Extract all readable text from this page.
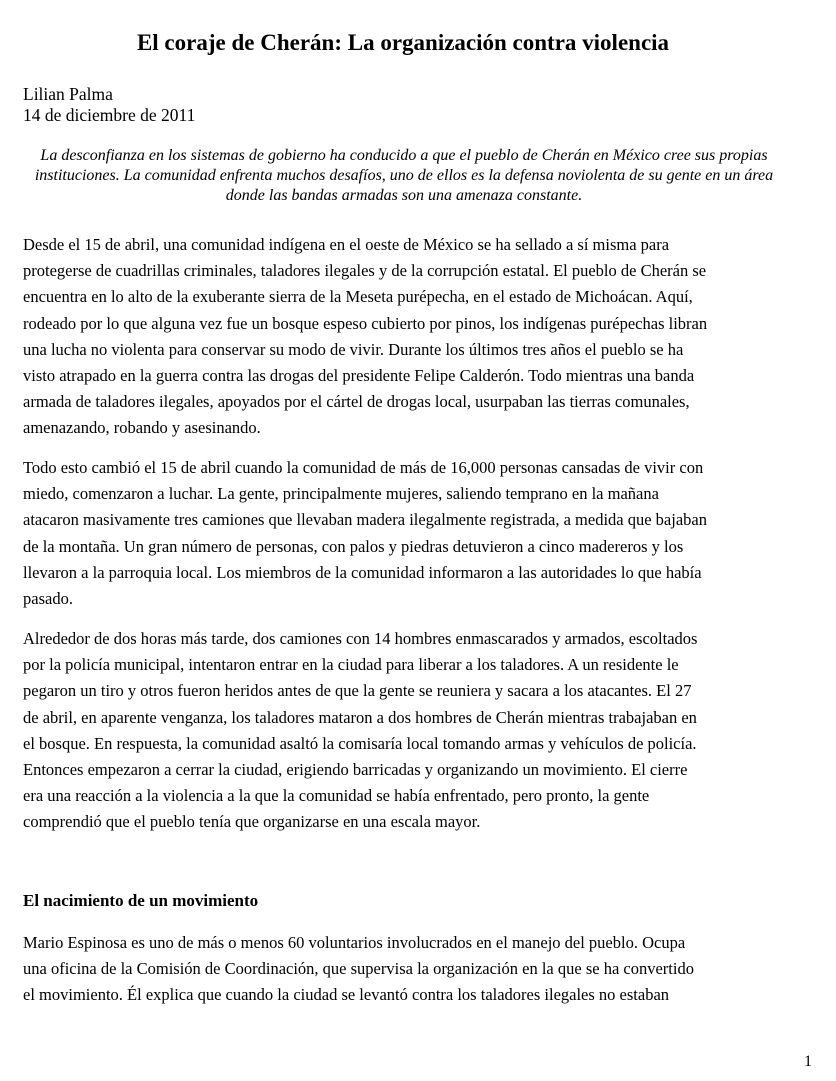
El coraje de Cherán: La organización contra violencia

Lilian Palma

14 de diciembre de 2011

La desconfianza en los sistemas de gobierno ha conducido a que el pueblo de Cherán en México cree sus propias instituciones. La comunidad enfrenta muchos desafíos, uno de ellos es la defensa noviolenta de su gente en un área donde las bandas armadas son una amenaza constante.

Desde el 15 de abril, una comunidad indígena en el oeste de México se ha sellado a sí misma para
protegerse de cuadrillas criminales, taladores ilegales y de la corrupción estatal. El pueblo de Cherán se
encuentra en lo alto de la exuberante sierra de la Meseta purépecha, en el estado de Michoácan. Aquí,
rodeado por lo que alguna vez fue un bosque espeso cubierto por pinos, los indígenas purépechas libran
una lucha no violenta para conservar su modo de vivir. Durante los últimos tres años el pueblo se ha
visto atrapado en la guerra contra las drogas del presidente Felipe Calderón. Todo mientras una banda
armada de taladores ilegales, apoyados por el cártel de drogas local, usurpaban las tierras comunales,
amenazando, robando y asesinando.

Todo esto cambió el 15 de abril cuando la comunidad de más de 16,000 personas cansadas de vivir con
miedo, comenzaron a luchar. La gente, principalmente mujeres, saliendo temprano en la mañana
atacaron masivamente tres camiones que llevaban madera ilegalmente registrada, a medida que bajaban
de la montaña. Un gran número de personas, con palos y piedras detuvieron a cinco madereros y los
llevaron a la parroquia local. Los miembros de la comunidad informaron a las autoridades lo que había
pasado.

Alrededor de dos horas más tarde, dos camiones con 14 hombres enmascarados y armados, escoltados
por la policía municipal, intentaron entrar en la ciudad para liberar a los taladores. A un residente le
pegaron un tiro y otros fueron heridos antes de que la gente se reuniera y sacara a los atacantes. El 27
de abril, en aparente venganza, los taladores mataron a dos hombres de Cherán mientras trabajaban en
el bosque. En respuesta, la comunidad asaltó la comisaría local tomando armas y vehículos de policía.
Entonces empezaron a cerrar la ciudad, erigiendo barricadas y organizando un movimiento. El cierre
era una reacción a la violencia a la que la comunidad se había enfrentado, pero pronto, la gente
comprendió que el pueblo tenía que organizarse en una escala mayor.

El nacimiento de un movimiento

Mario Espinosa es uno de más o menos 60 voluntarios involucrados en el manejo del pueblo. Ocupa
una oficina de la Comisión de Coordinación, que supervisa la organización en la que se ha convertido
el movimiento. Él explica que cuando la ciudad se levantó contra los taladores ilegales no estaban

1
